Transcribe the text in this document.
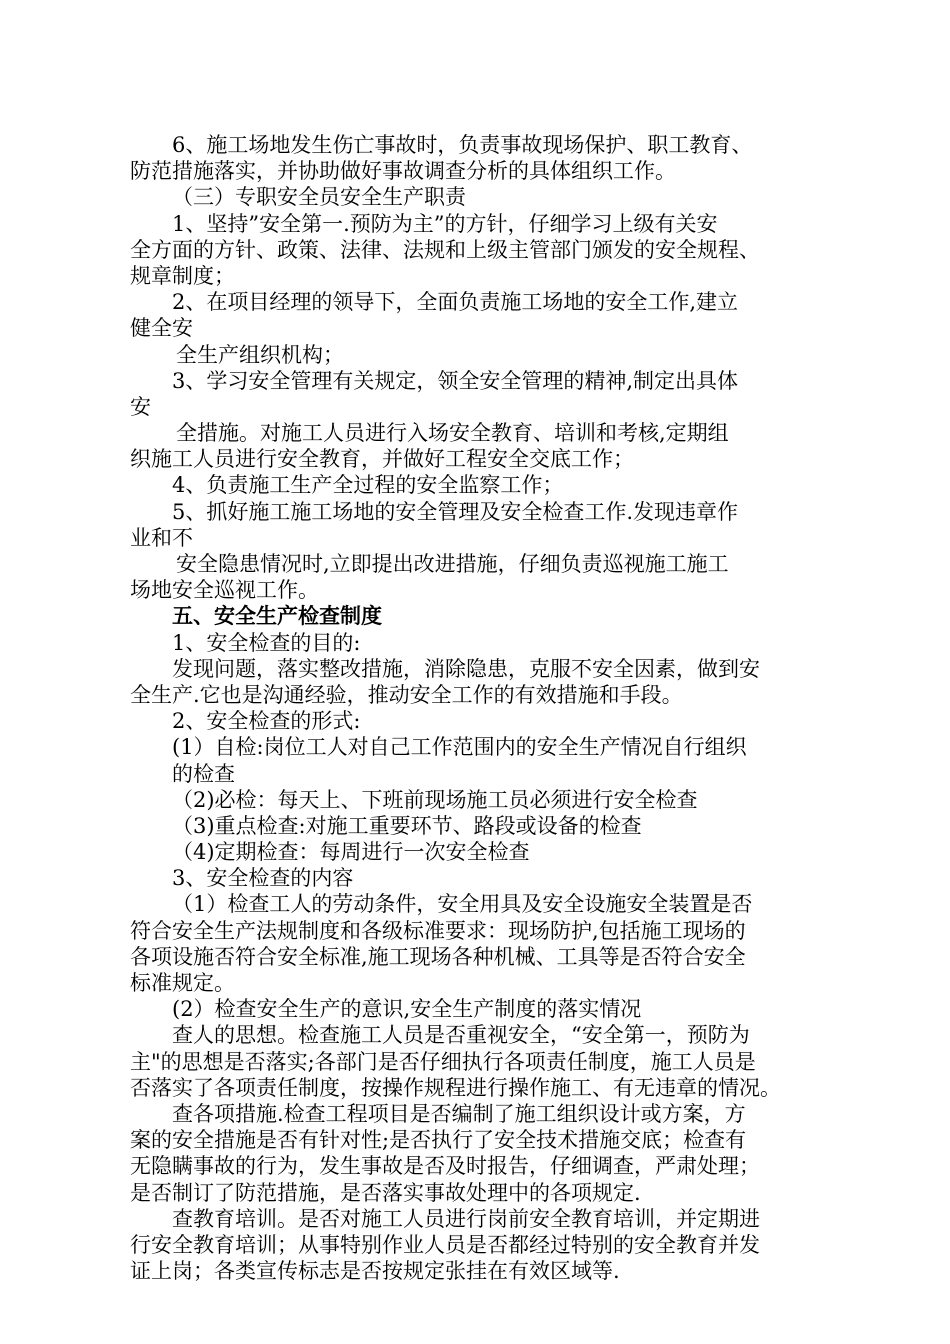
6、施工场地发生伤亡事故时，负责事故现场保护、职工教育、
防范措施落实，并协助做好事故调查分析的具体组织工作。
（三）专职安全员安全生产职责
1、坚持”安全第一.预防为主”的方针，仔细学习上级有关安
全方面的方针、政策、法律、法规和上级主管部门颁发的安全规程、
规章制度；
2、在项目经理的领导下，全面负责施工场地的安全工作,建立
健全安
全生产组织机构；
3、学习安全管理有关规定，领全安全管理的精神,制定出具体
安
全措施。对施工人员进行入场安全教育、培训和考核,定期组
织施工人员进行安全教育，并做好工程安全交底工作；
4、负责施工生产全过程的安全监察工作；
5、抓好施工施工场地的安全管理及安全检查工作.发现违章作
业和不
安全隐患情况时,立即提出改进措施，仔细负责巡视施工施工
场地安全巡视工作。
五、安全生产检查制度
1、安全检查的目的:
发现问题，落实整改措施，消除隐患，克服不安全因素，做到安
全生产.它也是沟通经验，推动安全工作的有效措施和手段。
2、安全检查的形式:
(1）自检:岗位工人对自己工作范围内的安全生产情况自行组织
的检查
（2)必检：每天上、下班前现场施工员必须进行安全检查
（3)重点检查:对施工重要环节、路段或设备的检查
（4)定期检查：每周进行一次安全检查
3、安全检查的内容
（1）检查工人的劳动条件，安全用具及安全设施安全装置是否
符合安全生产法规制度和各级标准要求：现场防护,包括施工现场的
各项设施否符合安全标准,施工现场各种机械、工具等是否符合安全
标准规定。
(2）检查安全生产的意识,安全生产制度的落实情况
查人的思想。检查施工人员是否重视安全，“安全第一，预防为
主"的思想是否落实;各部门是否仔细执行各项责任制度，施工人员是
否落实了各项责任制度，按操作规程进行操作施工、有无违章的情况。
查各项措施.检查工程项目是否编制了施工组织设计或方案，方
案的安全措施是否有针对性;是否执行了安全技术措施交底；检查有
无隐瞒事故的行为，发生事故是否及时报告，仔细调查，严肃处理；
是否制订了防范措施，是否落实事故处理中的各项规定.
查教育培训。是否对施工人员进行岗前安全教育培训，并定期进
行安全教育培训；从事特别作业人员是否都经过特别的安全教育并发
证上岗；各类宣传标志是否按规定张挂在有效区域等.
